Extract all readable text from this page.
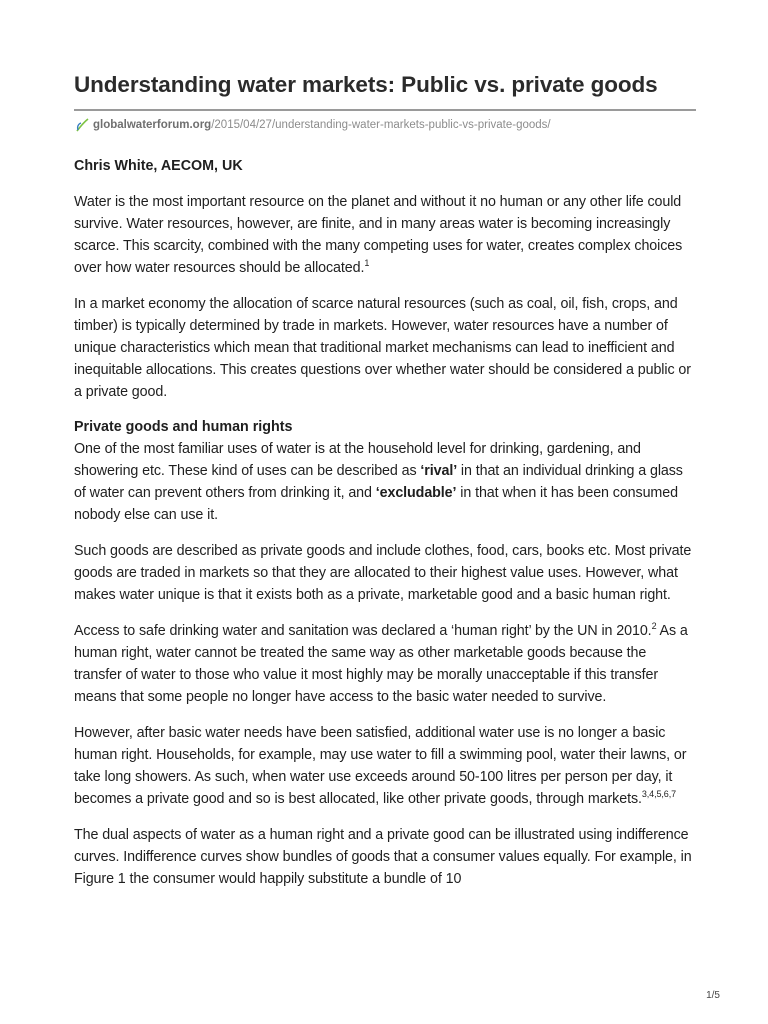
Understanding water markets: Public vs. private goods
globalwaterforum.org/2015/04/27/understanding-water-markets-public-vs-private-goods/
Chris White, AECOM, UK

Water is the most important resource on the planet and without it no human or any other life could survive. Water resources, however, are finite, and in many areas water is becoming increasingly scarce. This scarcity, combined with the many competing uses for water, creates complex choices over how water resources should be allocated.$^1$

In a market economy the allocation of scarce natural resources (such as coal, oil, fish, crops, and timber) is typically determined by trade in markets. However, water resources have a number of unique characteristics which mean that traditional market mechanisms can lead to inefficient and inequitable allocations. This creates questions over whether water should be considered a public or a private good.

Private goods and human rights

One of the most familiar uses of water is at the household level for drinking, gardening, and showering etc. These kind of uses can be described as ‘rival’ in that an individual drinking a glass of water can prevent others from drinking it, and ‘excludable’ in that when it has been consumed nobody else can use it.

Such goods are described as private goods and include clothes, food, cars, books etc. Most private goods are traded in markets so that they are allocated to their highest value uses. However, what makes water unique is that it exists both as a private, marketable good and a basic human right.

Access to safe drinking water and sanitation was declared a ‘human right’ by the UN in 2010.$^2$ As a human right, water cannot be treated the same way as other marketable goods because the transfer of water to those who value it most highly may be morally unacceptable if this transfer means that some people no longer have access to the basic water needed to survive.

However, after basic water needs have been satisfied, additional water use is no longer a basic human right. Households, for example, may use water to fill a swimming pool, water their lawns, or take long showers. As such, when water use exceeds around 50-100 litres per person per day, it becomes a private good and so is best allocated, like other private goods, through markets.$^{3,4,5,6,7}$

The dual aspects of water as a human right and a private good can be illustrated using indifference curves. Indifference curves show bundles of goods that a consumer values equally. For example, in Figure 1 the consumer would happily substitute a bundle of 10

1/5
